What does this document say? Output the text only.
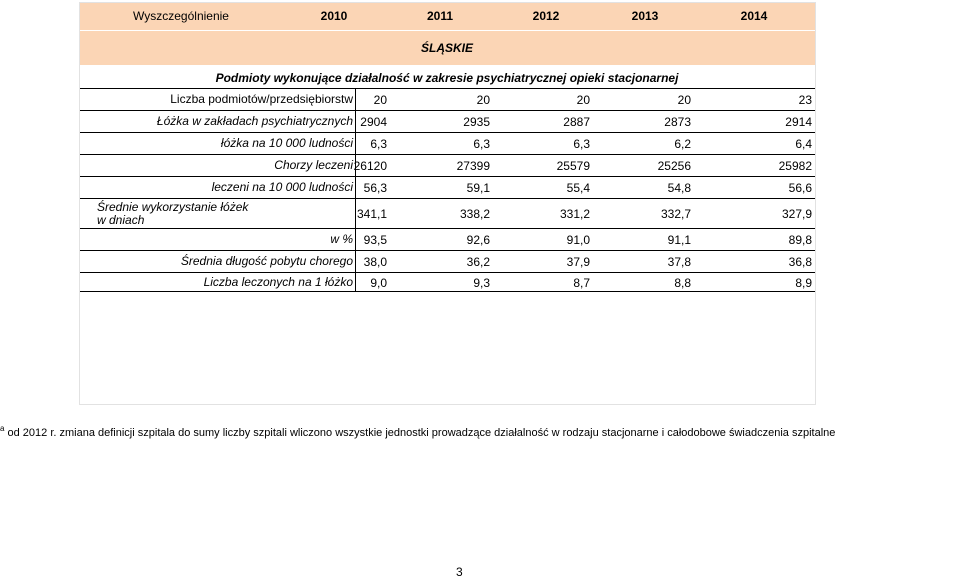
Wyszczególnienie	2010	2011	2012	2013	2014
ŚLĄSKIE
Podmioty wykonujące działalność w zakresie psychiatrycznej opieki stacjonarnej
Liczba podmiotów/przedsiębiorstw	20	20	20	20	23
Łóżka w zakładach psychiatrycznych 2904	2935	2887	2873	2914
łóżka na 10 000 ludności	6,3	6,3	6,3	6,2	6,4
Chorzy leczeni 26120	27399	25579	25256	25982
leczeni na 10 000 ludności 56,3	59,1	55,4	54,8	56,6
Średnie wykorzystanie łóżek w dniach	341,1	338,2	331,2	332,7	327,9
w % 93,5	92,6	91,0	91,1	89,8
Średnia długość pobytu chorego 38,0	36,2	37,9	37,8	36,8
Liczba leczonych na 1 łóżko	9,0	9,3	8,7	8,8	8,9
$^a$ od 2012 r. zmiana definicji szpitala do sumy liczby szpitali wliczono wszystkie jednostki prowadzące działalność w rodzaju stacjonarne i całodobowe świadczenia szpitalne
3
